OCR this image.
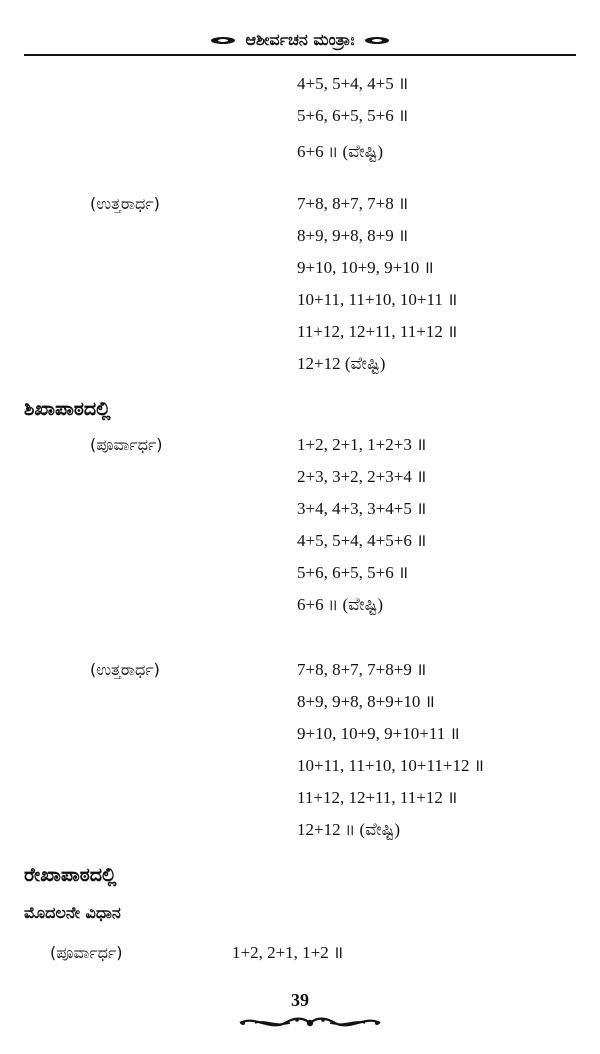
ಆಶೀರ್ವಚನ ಮಂತ್ರಾಃ
4+5, 5+4, 4+5 ॥
5+6, 6+5, 5+6 ॥
6+6 ॥ (ವೇಷ್ಟಿ)
(ಉತ್ತರಾರ್ಧ)	7+8, 8+7, 7+8 ॥
8+9, 9+8, 8+9 ॥
9+10, 10+9, 9+10 ॥
10+11, 11+10, 10+11 ॥
11+12, 12+11, 11+12 ॥
12+12 (ವೇಷ್ಟಿ)
ಶಿಖಾಪಾಠದಲ್ಲಿ
(ಪೂರ್ವಾರ್ಧ)	1+2, 2+1, 1+2+3 ॥
2+3, 3+2, 2+3+4 ॥
3+4, 4+3, 3+4+5 ॥
4+5, 5+4, 4+5+6 ॥
5+6, 6+5, 5+6 ॥
6+6 ॥ (ವೇಷ್ಟಿ)
(ಉತ್ತರಾರ್ಧ)	7+8, 8+7, 7+8+9 ॥
8+9, 9+8, 8+9+10 ॥
9+10, 10+9, 9+10+11 ॥
10+11, 11+10, 10+11+12 ॥
11+12, 12+11, 11+12 ॥
12+12 ॥ (ವೇಷ್ಟಿ)
ರೇಖಾಪಾಠದಲ್ಲಿ
ಮೊದಲನೇ ವಿಧಾನ
(ಪೂರ್ವಾರ್ಧ)	1+2, 2+1, 1+2 ॥
39
